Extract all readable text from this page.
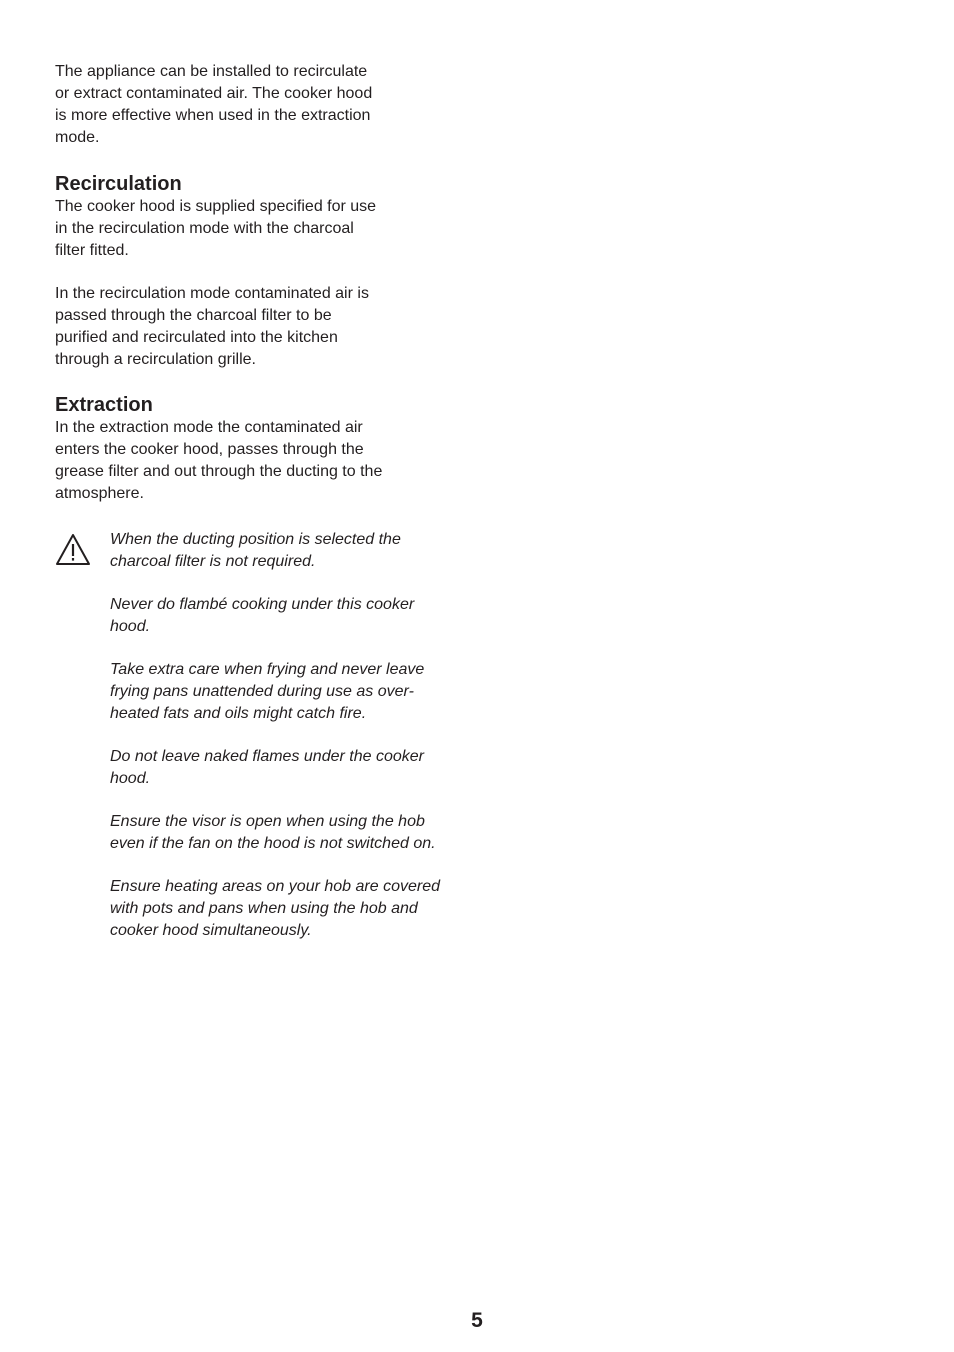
The appliance can be installed to recirculate
or extract contaminated air. The cooker hood
is more effective when used in the extraction
mode.

Recirculation

The cooker hood is supplied specified for use
in the recirculation mode with the charcoal
filter fitted.

In the recirculation mode contaminated air is
passed through the charcoal filter to be
purified and recirculated into the kitchen
through a recirculation grille.

Extraction

In the extraction mode the contaminated air
enters the cooker hood, passes through the
grease filter and out through the ducting to the
atmosphere.

When the ducting position is selected the
charcoal filter is not required.

Never do flambé cooking under this cooker
hood.

Take extra care when frying and never leave
frying pans unattended during use as over-
heated fats and oils might catch fire.

Do not leave naked flames under the cooker
hood.

Ensure the visor is open when using the hob
even if the fan on the hood is not switched on.

Ensure heating areas on your hob are covered
with pots and pans when using the hob and
cooker hood simultaneously.

5
